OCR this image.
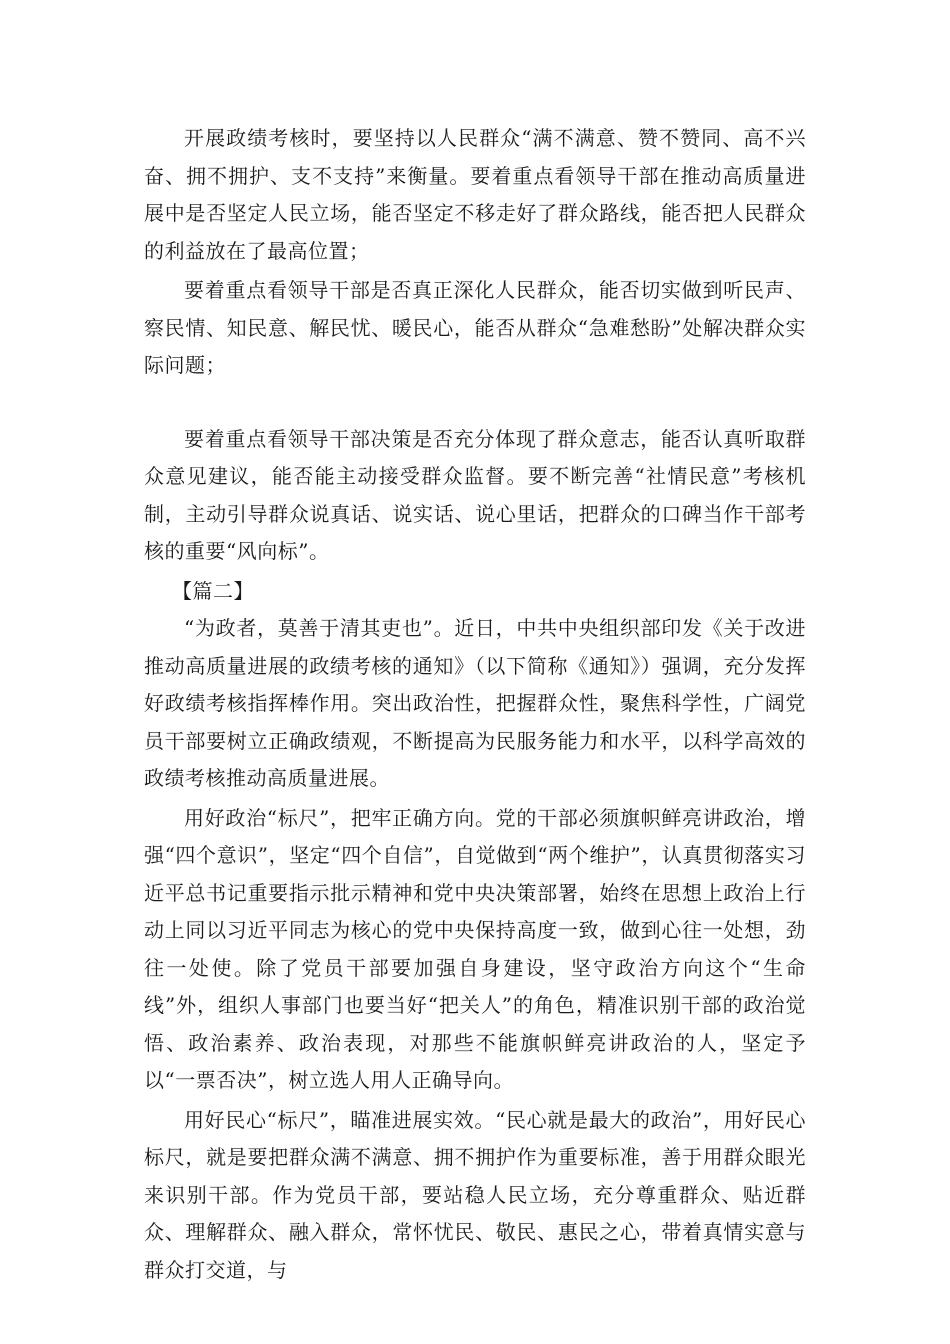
开展政绩考核时，要坚持以人民群众“满不满意、赞不赞同、高不兴奋、拥不拥护、支不支持”来衡量。要着重点看领导干部在推动高质量进展中是否坚定人民立场，能否坚定不移走好了群众路线，能否把人民群众的利益放在了最高位置；

要着重点看领导干部是否真正深化人民群众，能否切实做到听民声、察民情、知民意、解民忧、暖民心，能否从群众“急难愁盼”处解决群众实际问题；

要着重点看领导干部决策是否充分体现了群众意志，能否认真听取群众意见建议，能否能主动接受群众监督。要不断完善“社情民意”考核机制，主动引导群众说真话、说实话、说心里话，把群众的口碑当作干部考核的重要“风向标”。

【篇二】

“为政者，莫善于清其吏也”。近日，中共中央组织部印发《关于改进推动高质量进展的政绩考核的通知》（以下简称《通知》）强调，充分发挥好政绩考核指挥棒作用。突出政治性，把握群众性，聚焦科学性，广阔党员干部要树立正确政绩观，不断提高为民服务能力和水平，以科学高效的政绩考核推动高质量进展。

用好政治“标尺”，把牢正确方向。党的干部必须旗帜鲜亮讲政治，增强“四个意识”，坚定“四个自信”，自觉做到“两个维护”，认真贯彻落实习近平总书记重要指示批示精神和党中央决策部署，始终在思想上政治上行动上同以习近平同志为核心的党中央保持高度一致，做到心往一处想，劲往一处使。除了党员干部要加强自身建设，坚守政治方向这个“生命线”外，组织人事部门也要当好“把关人”的角色，精准识别干部的政治觉悟、政治素养、政治表现，对那些不能旗帜鲜亮讲政治的人，坚定予以“一票否决”，树立选人用人正确导向。

用好民心“标尺”，瞄准进展实效。“民心就是最大的政治”，用好民心标尺，就是要把群众满不满意、拥不拥护作为重要标准，善于用群众眼光来识别干部。作为党员干部，要站稳人民立场，充分尊重群众、贴近群众、理解群众、融入群众，常怀忧民、敬民、惠民之心，带着真情实意与群众打交道，与
